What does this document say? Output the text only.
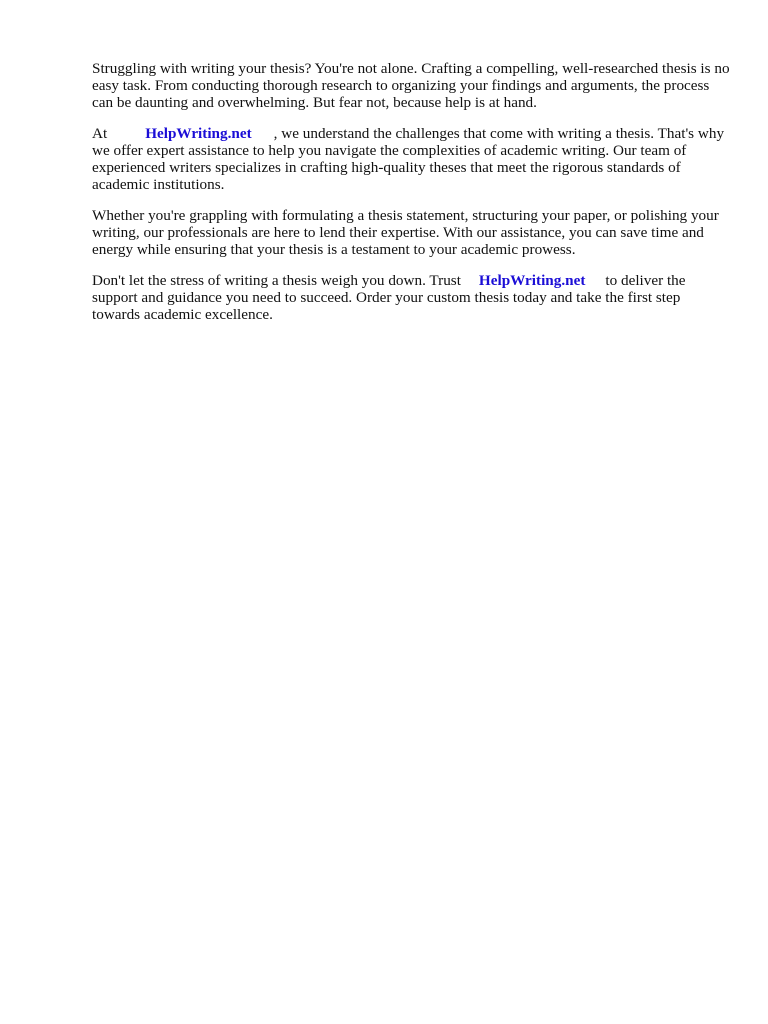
Struggling with writing your thesis? You're not alone. Crafting a compelling, well-researched thesis is no easy task. From conducting thorough research to organizing your findings and arguments, the process can be daunting and overwhelming. But fear not, because help is at hand.

At	HelpWriting.net , we understand the challenges that come with writing a thesis. That's why we offer expert assistance to help you navigate the complexities of academic writing. Our team of experienced writers specializes in crafting high-quality theses that meet the rigorous standards of academic institutions.

Whether you're grappling with formulating a thesis statement, structuring your paper, or polishing your writing, our professionals are here to lend their expertise. With our assistance, you can save time and energy while ensuring that your thesis is a testament to your academic prowess.

Don't let the stress of writing a thesis weigh you down. Trust HelpWriting.net to deliver the support and guidance you need to succeed. Order your custom thesis today and take the first step towards academic excellence.
